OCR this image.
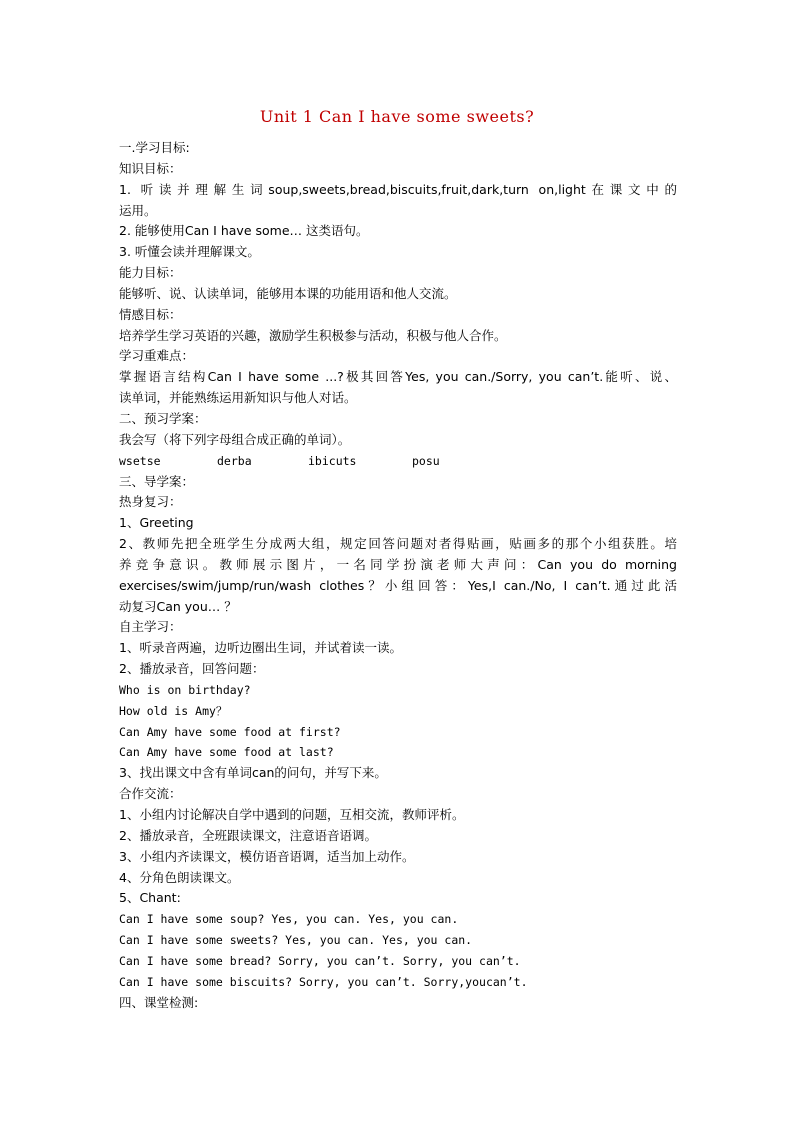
Unit 1 Can I have some sweets?
一.学习目标:
知识目标：
1. 听读并理解生词soup,sweets,bread,biscuits,fruit,dark,turn on,light在课文中的
运用。
2. 能够使用Can I have some… 这类语句。
3. 听懂会读并理解课文。
能力目标：
能够听、说、认读单词，能够用本课的功能用语和他人交流。
情感目标：
培养学生学习英语的兴趣，激励学生积极参与活动，积极与他人合作。
学习重难点：
掌握语言结构Can I have some ...?极其回答Yes, you can./Sorry, you can’t.能听、说、
读单词，并能熟练运用新知识与他人对话。
二、预习学案：
我会写（将下列字母组合成正确的单词）。
wsetse	derba	ibicuts	posu
三、导学案：
热身复习：
1、Greeting
2、教师先把全班学生分成两大组，规定回答问题对者得贴画，贴画多的那个小组获胜。培
养竞争意识。教师展示图片，一名同学扮演老师大声问：Can you do morning
exercises/swim/jump/run/wash clothes？小组回答：Yes,I can./No, I can’t.通过此活
动复习Can you… ？
自主学习：
1、听录音两遍，边听边圈出生词，并试着读一读。
2、播放录音，回答问题：
Who is on birthday?
How old is Amy？
Can Amy have some food at first?
Can Amy have some food at last?
3、找出课文中含有单词can的问句，并写下来。
合作交流：
1、小组内讨论解决自学中遇到的问题，互相交流，教师评析。
2、播放录音，全班跟读课文，注意语音语调。
3、小组内齐读课文，模仿语音语调，适当加上动作。
4、分角色朗读课文。
5、Chant:
Can I have some soup? Yes, you can. Yes, you can.
Can I have some sweets? Yes, you can. Yes, you can.
Can I have some bread? Sorry, you can’t. Sorry, you can’t.
Can I have some biscuits? Sorry, you can’t. Sorry,youcan’t.
四、课堂检测:
